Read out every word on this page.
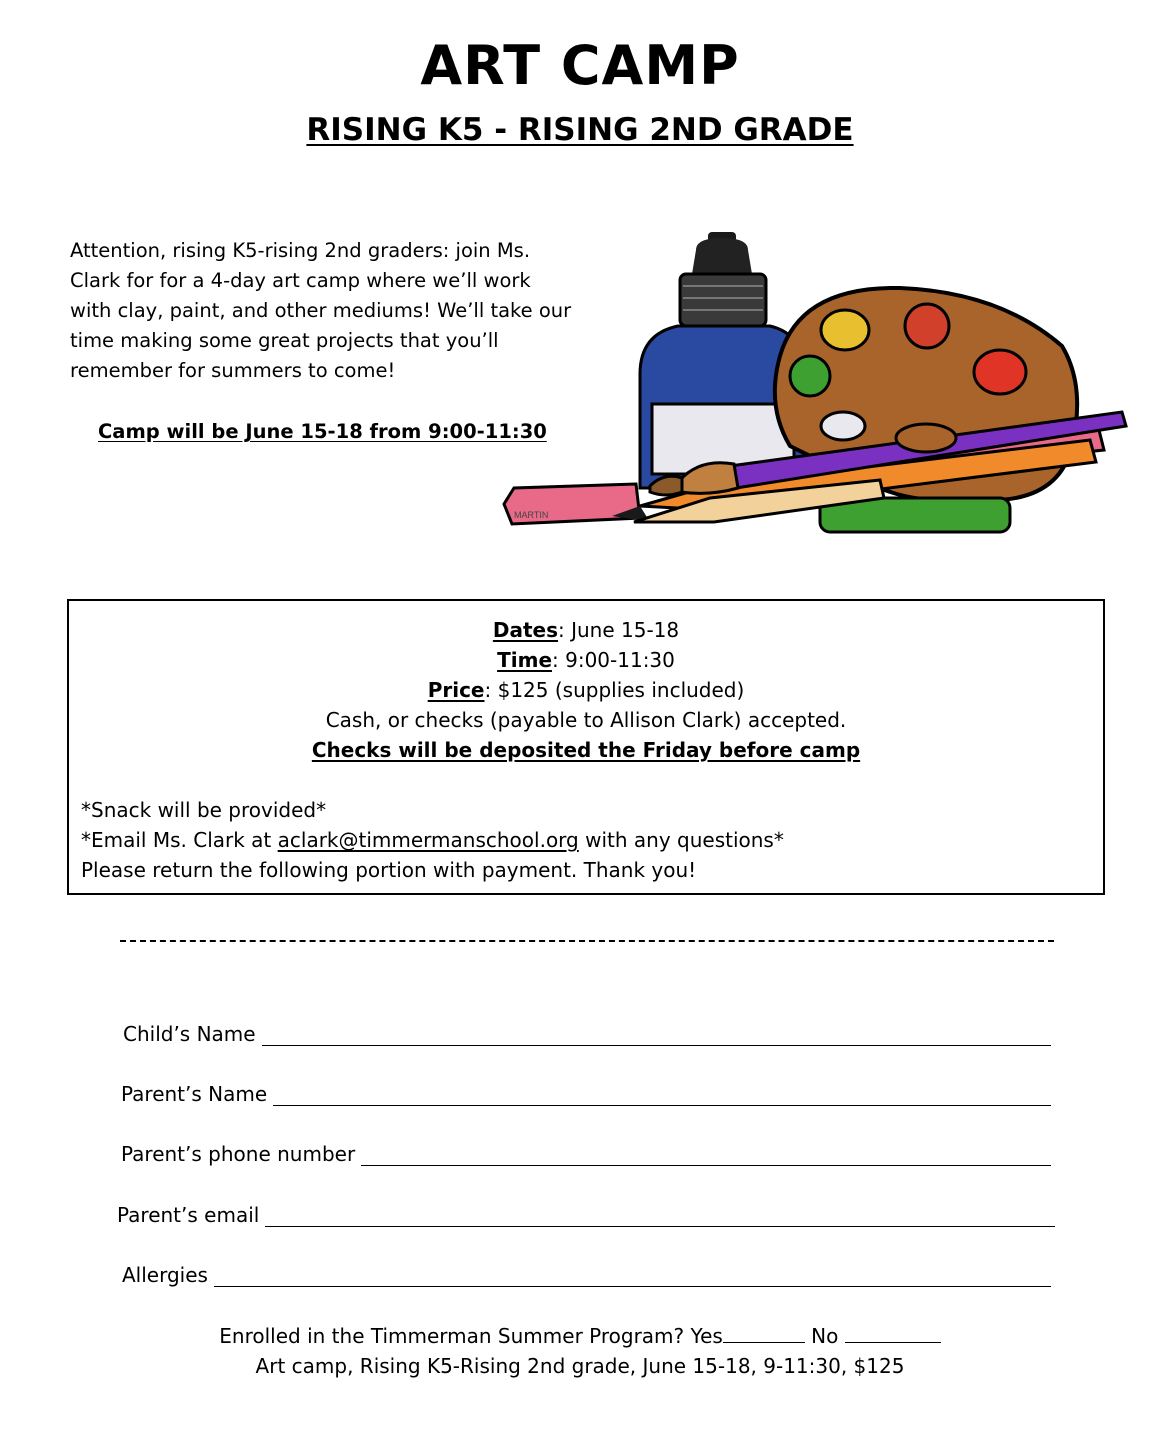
ART CAMP
RISING K5 - RISING 2ND GRADE
Attention, rising K5-rising 2nd graders: join Ms.
Clark for for a 4-day art camp where we’ll work
with clay, paint, and other mediums! We’ll take our
time making some great projects that you’ll
remember for summers to come!
Camp will be June 15-18 from 9:00-11:30
MARTIN
Dates: June 15-18
Time: 9:00-11:30
Price: $125 (supplies included)
Cash, or checks (payable to Allison Clark) accepted.
Checks will be deposited the Friday before camp
*Snack will be provided*
*Email Ms. Clark at aclark@timmermanschool.org with any questions*
Please return the following portion with payment. Thank you!
Child’s Name
Parent’s Name
Parent’s phone number
Parent’s email
Allergies
Enrolled in the Timmerman Summer Program? Yes	No
Art camp, Rising K5-Rising 2nd grade, June 15-18, 9-11:30, $125
